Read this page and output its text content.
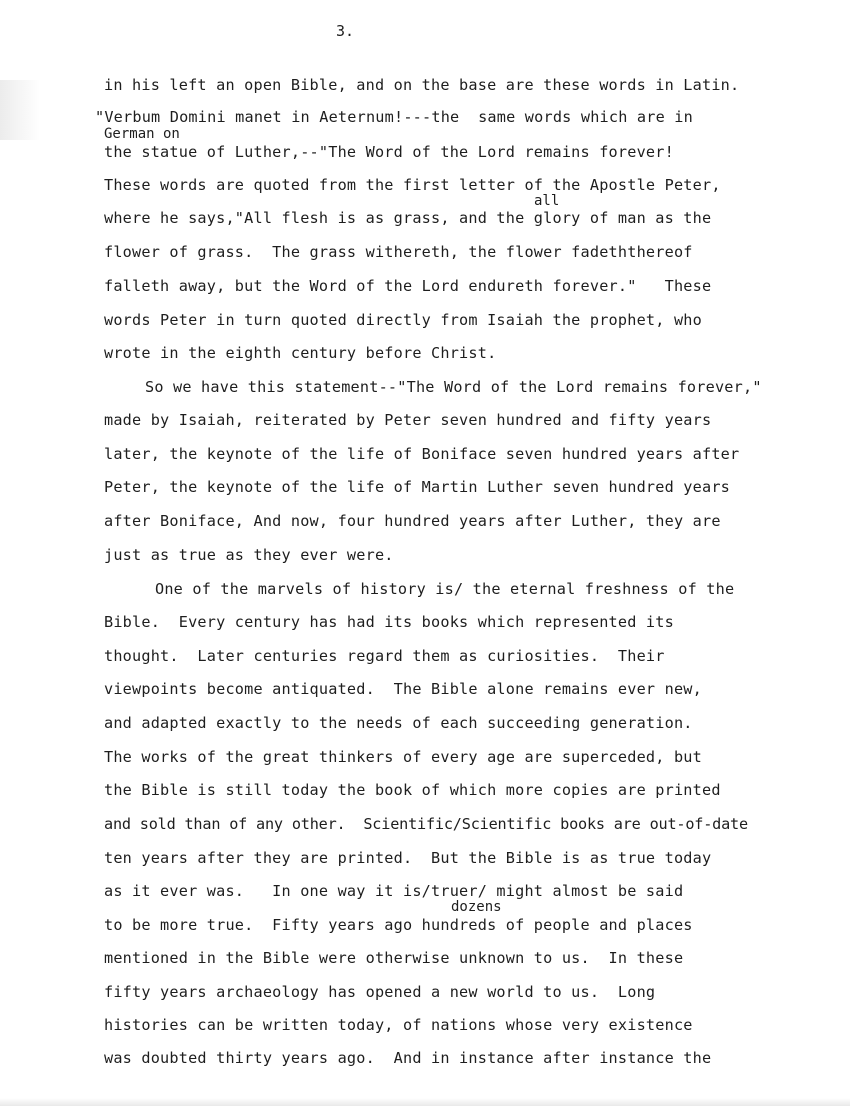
3.
in his left an open Bible, and on the base are these words in Latin.
"Verbum Domini manet in Aeternum!---the  same words which are in
German on
the statue of Luther,--"The Word of the Lord remains forever!
These words are quoted from the first letter of the Apostle Peter,
all
where he says,"All flesh is as grass, and the glory of man as the
flower of grass.  The grass withereth, the flower fadeththereof
falleth away, but the Word of the Lord endureth forever."   These
words Peter in turn quoted directly from Isaiah the prophet, who
wrote in the eighth century before Christ.
So we have this statement--"The Word of the Lord remains forever,"
made by Isaiah, reiterated by Peter seven hundred and fifty years
later, the keynote of the life of Boniface seven hundred years after
Peter, the keynote of the life of Martin Luther seven hundred years
after Boniface, And now, four hundred years after Luther, they are
just as true as they ever were.
One of the marvels of history is/ the eternal freshness of the
Bible.  Every century has had its books which represented its
thought.  Later centuries regard them as curiosities.  Their
viewpoints become antiquated.  The Bible alone remains ever new,
and adapted exactly to the needs of each succeeding generation.
The works of the great thinkers of every age are superceded, but
the Bible is still today the book of which more copies are printed
and sold than of any other.  Scientific/Scientific books are out-of-date
ten years after they are printed.  But the Bible is as true today
as it ever was.   In one way it is/truer/ might almost be said
dozens
to be more true.  Fifty years ago hundreds of people and places
mentioned in the Bible were otherwise unknown to us.  In these
fifty years archaeology has opened a new world to us.  Long
histories can be written today, of nations whose very existence
was doubted thirty years ago.  And in instance after instance the
